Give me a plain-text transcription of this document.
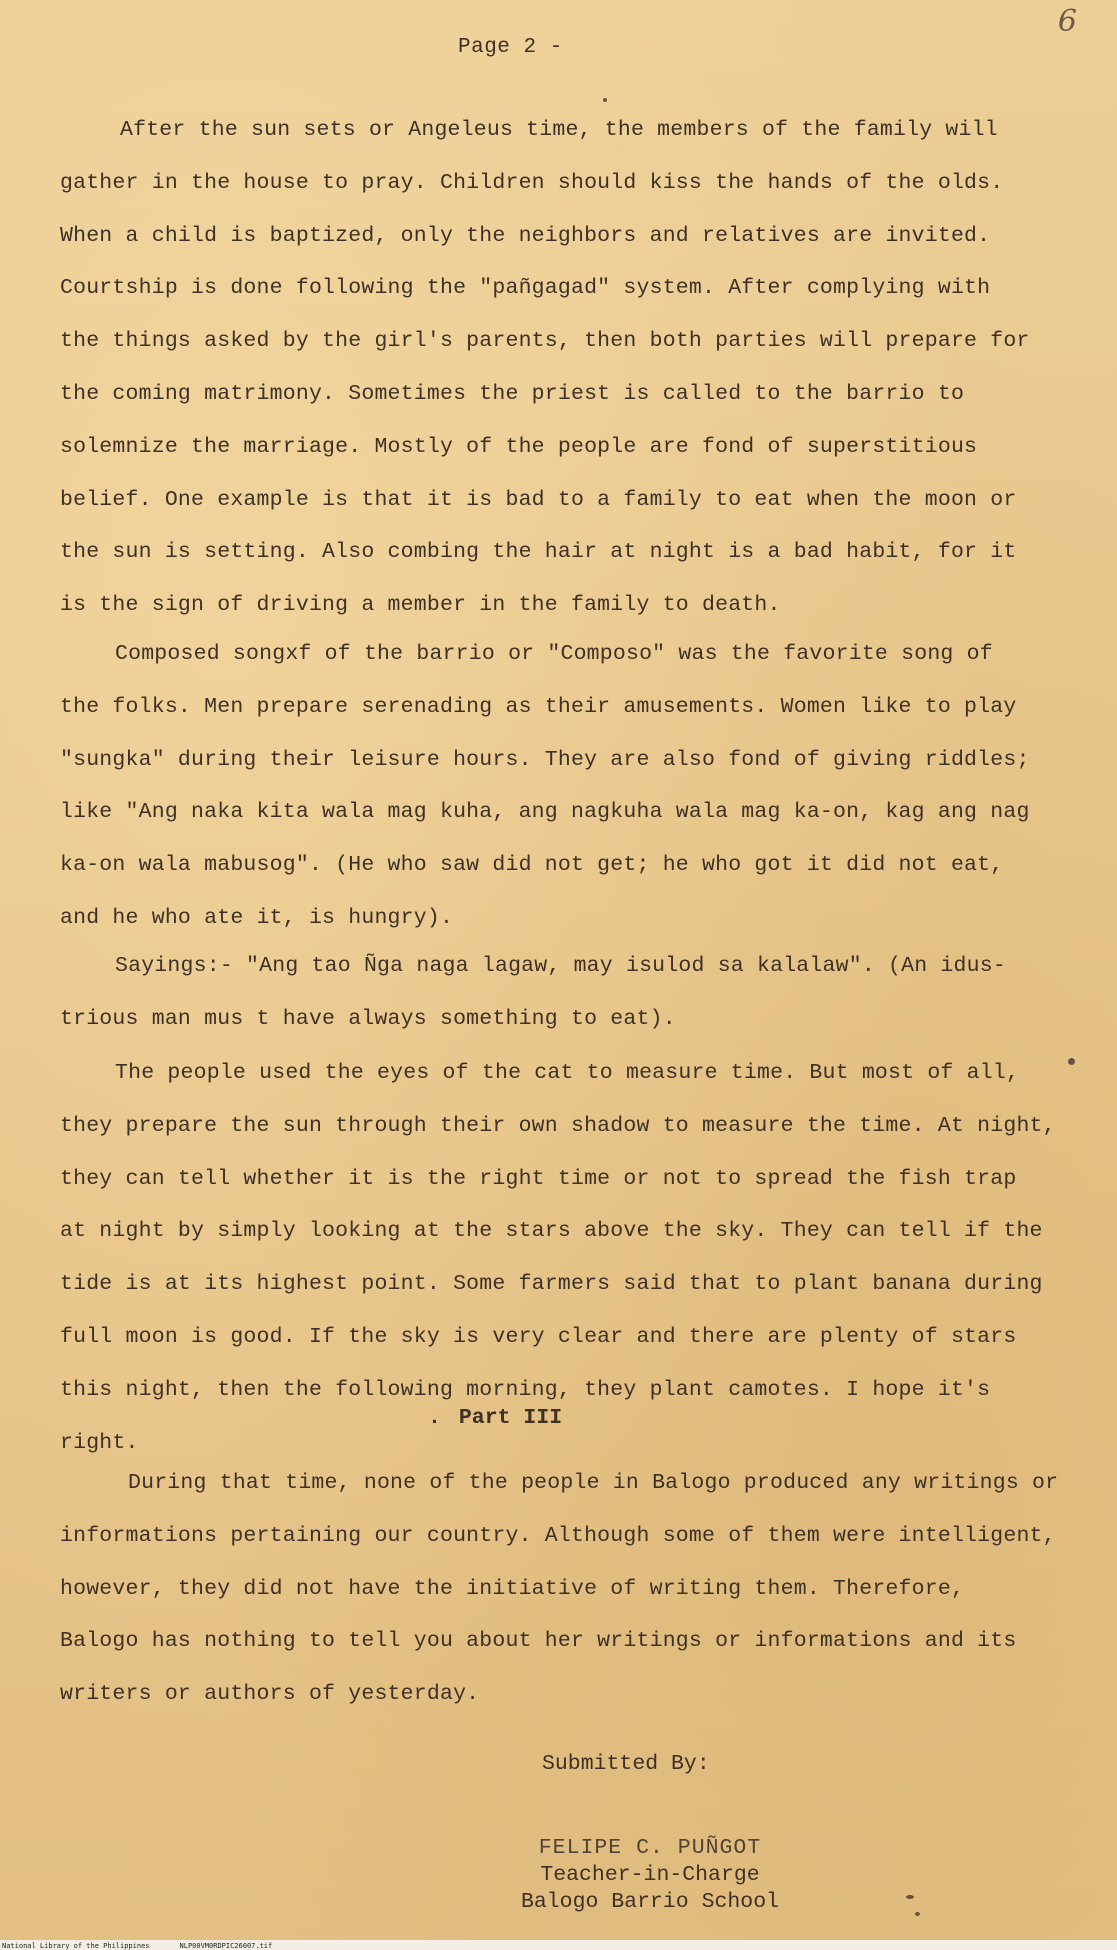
6
Page 2 -

After the sun sets or Angeleus time, the members of the family will
gather in the house to pray. Children should kiss the hands of the olds.
When a child is baptized, only the neighbors and relatives are invited.
Courtship is done following the "pañgagad" system. After complying with
the things asked by the girl's parents, then both parties will prepare for
the coming matrimony. Sometimes the priest is called to the barrio to
solemnize the marriage. Mostly of the people are fond of superstitious
belief. One example is that it is bad to a family to eat when the moon or
the sun is setting. Also combing the hair at night is a bad habit, for it
is the sign of driving a member in the family to death.

Composed songxf of the barrio or "Composo" was the favorite song of
the folks. Men prepare serenading as their amusements. Women like to play
"sungka" during their leisure hours. They are also fond of giving riddles;
like "Ang naka kita wala mag kuha, ang nagkuha wala mag ka-on, kag ang nag
ka-on wala mabusog". (He who saw did not get; he who got it did not eat,
and he who ate it, is hungry).

Sayings:- "Ang tao Ñga naga lagaw, may isulod sa kalalaw". (An idus-
trious man mus t have always something to eat).

The people used the eyes of the cat to measure time. But most of all,
they prepare the sun through their own shadow to measure the time. At night,
they can tell whether it is the right time or not to spread the fish trap
at night by simply looking at the stars above the sky. They can tell if the
tide is at its highest point. Some farmers said that to plant banana during
full moon is good. If the sky is very clear and there are plenty of stars
this night, then the following morning, they plant camotes. I hope it's right.

. Part III

During that time, none of the people in Balogo produced any writings or
informations pertaining our country. Although some of them were intelligent,
however, they did not have the initiative of writing them. Therefore,
Balogo has nothing to tell you about her writings or informations and its
writers or authors of yesterday.

Submitted By:
FELIPE C. PUÑGOT
Teacher-in-Charge
Balogo Barrio School
National Library of the Philippines	NLP00VM0RDPIC26007.tif
